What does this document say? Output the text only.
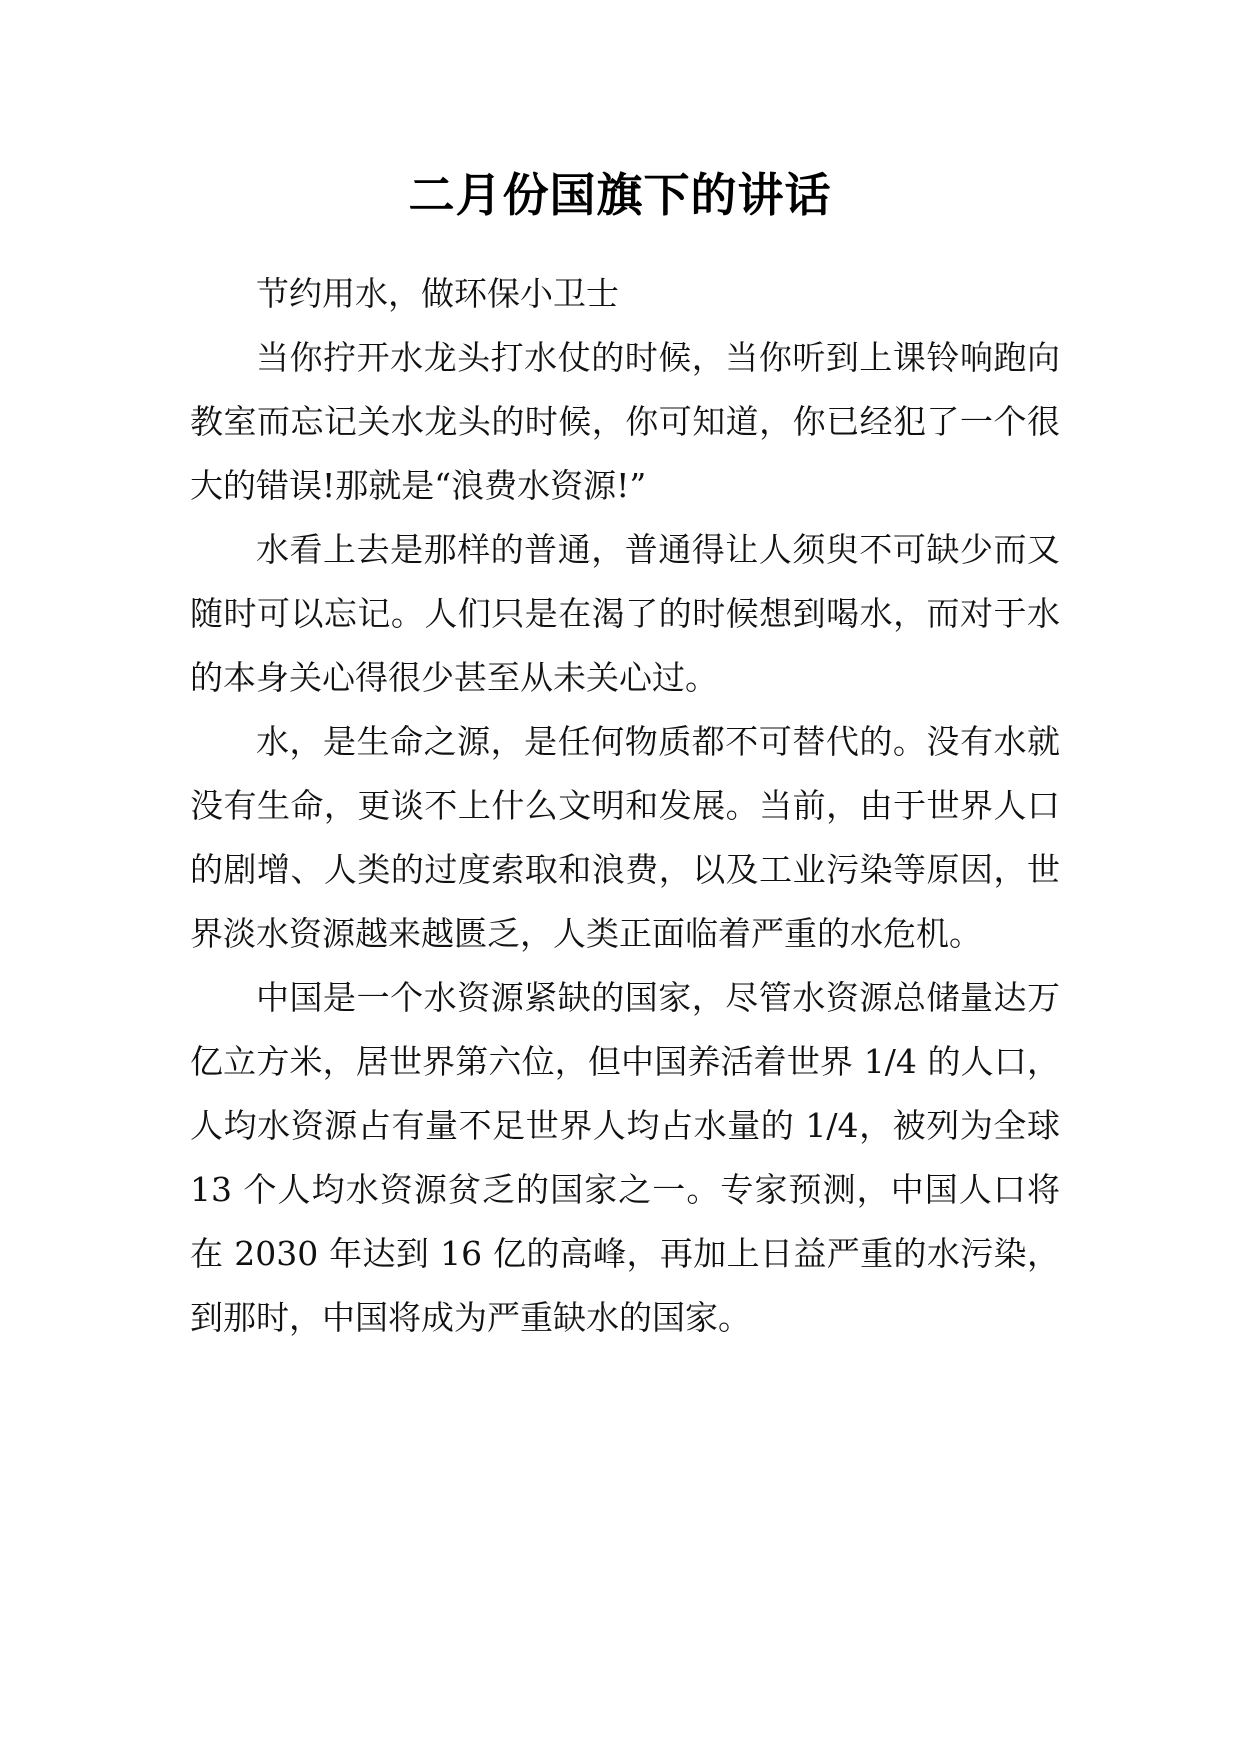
二月份国旗下的讲话

节约用水，做环保小卫士

当你拧开水龙头打水仗的时候，当你听到上课铃响跑向教室而忘记关水龙头的时候，你可知道，你已经犯了一个很大的错误!那就是“浪费水资源!”

水看上去是那样的普通，普通得让人须臾不可缺少而又随时可以忘记。人们只是在渴了的时候想到喝水，而对于水的本身关心得很少甚至从未关心过。

水，是生命之源，是任何物质都不可替代的。没有水就没有生命，更谈不上什么文明和发展。当前，由于世界人口的剧增、人类的过度索取和浪费，以及工业污染等原因，世界淡水资源越来越匮乏，人类正面临着严重的水危机。

中国是一个水资源紧缺的国家，尽管水资源总储量达万亿立方米，居世界第六位，但中国养活着世界 1/4 的人口，人均水资源占有量不足世界人均占水量的 1/4，被列为全球 13 个人均水资源贫乏的国家之一。专家预测，中国人口将在 2030 年达到 16 亿的高峰，再加上日益严重的水污染，到那时，中国将成为严重缺水的国家。
